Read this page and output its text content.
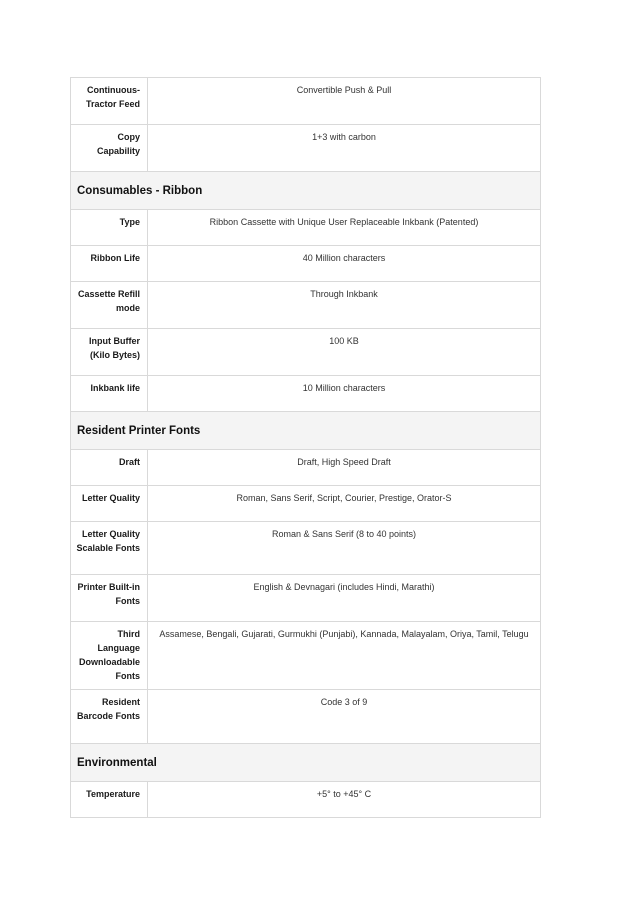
Continuous-Tractor Feed	Convertible Push & Pull
Copy Capability	1+3 with carbon
Consumables - Ribbon	
Type	Ribbon Cassette with Unique User Replaceable Inkbank (Patented)
Ribbon Life	40 Million characters
Cassette Refill mode	Through Inkbank
Input Buffer (Kilo Bytes)	100 KB
Inkbank life	10 Million characters
Resident Printer Fonts	
Draft	Draft, High Speed Draft
Letter Quality	Roman, Sans Serif, Script, Courier, Prestige, Orator-S
Letter Quality Scalable Fonts	Roman & Sans Serif (8 to 40 points)
Printer Built-in Fonts	English & Devnagari (includes Hindi, Marathi)
Third Language Downloadable Fonts	Assamese, Bengali, Gujarati, Gurmukhi (Punjabi), Kannada, Malayalam, Oriya, Tamil, Telugu
Resident Barcode Fonts	Code 3 of 9
Environmental	
Temperature	+5° to +45° C
